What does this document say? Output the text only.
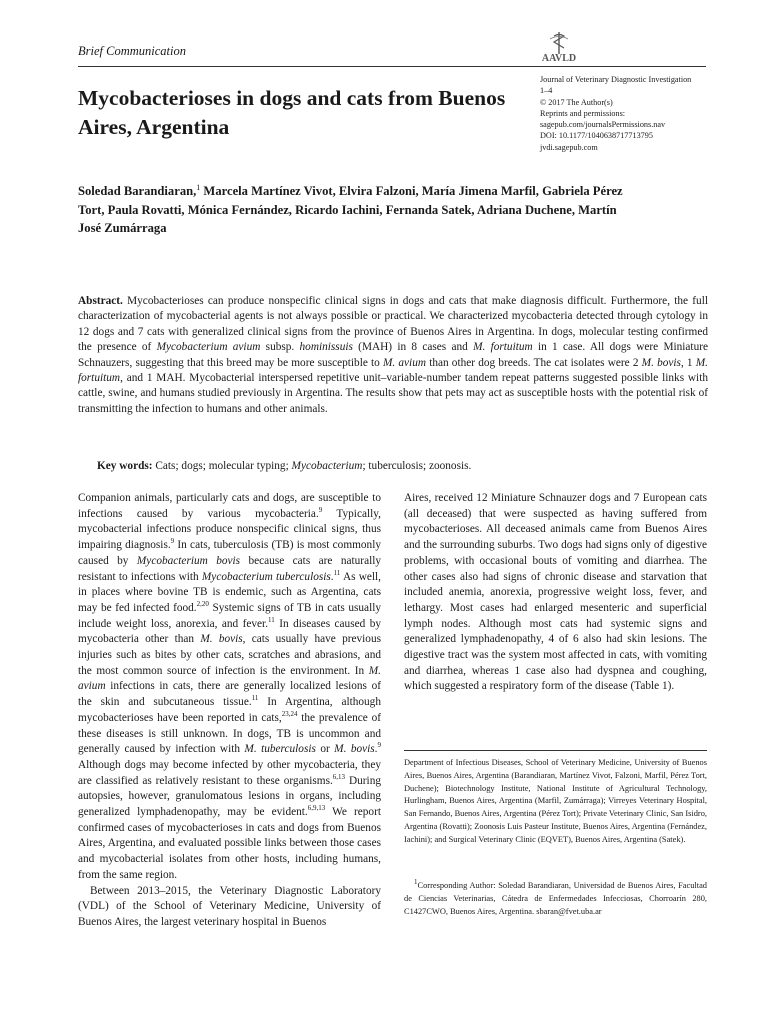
Brief Communication
AAVLD
Mycobacterioses in dogs and cats from Buenos Aires, Argentina
Journal of Veterinary Diagnostic Investigation
1–4
© 2017 The Author(s)
Reprints and permissions:
sagepub.com/journalsPermissions.nav
DOI: 10.1177/1040638717713795
jvdi.sagepub.com
Soledad Barandiaran,$^1$ Marcela Martínez Vivot, Elvira Falzoni, María Jimena Marfil, Gabriela Pérez Tort, Paula Rovatti, Mónica Fernández, Ricardo Iachini, Fernanda Satek, Adriana Duchene, Martín José Zumárraga
Abstract. Mycobacterioses can produce nonspecific clinical signs in dogs and cats that make diagnosis difficult. Furthermore, the full characterization of mycobacterial agents is not always possible or practical. We characterized mycobacteria detected through cytology in 12 dogs and 7 cats with generalized clinical signs from the province of Buenos Aires in Argentina. In dogs, molecular testing confirmed the presence of Mycobacterium avium subsp. hominissuis (MAH) in 8 cases and M. fortuitum in 1 case. All dogs were Miniature Schnauzers, suggesting that this breed may be more susceptible to M. avium than other dog breeds. The cat isolates were 2 M. bovis, 1 M. fortuitum, and 1 MAH. Mycobacterial interspersed repetitive unit–variable-number tandem repeat patterns suggested possible links with cattle, swine, and humans studied previously in Argentina. The results show that pets may act as susceptible hosts with the potential risk of transmitting the infection to humans and other animals.
Key words: Cats; dogs; molecular typing; Mycobacterium; tuberculosis; zoonosis.

Companion animals, particularly cats and dogs, are susceptible to infections caused by various mycobacteria.$^9$ Typically, mycobacterial infections produce nonspecific clinical signs, thus impairing diagnosis.$^9$ In cats, tuberculosis (TB) is most commonly caused by Mycobacterium bovis because cats are naturally resistant to infections with Mycobacterium tuberculosis.$^{11}$ As well, in places where bovine TB is endemic, such as Argentina, cats may be fed infected food.$^{2,20}$ Systemic signs of TB in cats usually include weight loss, anorexia, and fever.$^{11}$ In diseases caused by mycobacteria other than M. bovis, cats usually have previous injuries such as bites by other cats, scratches and abrasions, and the most common source of infection is the environment. In M. avium infections in cats, there are generally localized lesions of the skin and subcutaneous tissue.$^{11}$ In Argentina, although mycobacterioses have been reported in cats,$^{23,24}$ the prevalence of these diseases is still unknown. In dogs, TB is uncommon and generally caused by infection with M. tuberculosis or M. bovis.$^9$ Although dogs may become infected by other mycobacteria, they are classified as relatively resistant to these organisms.$^{6,13}$ During autopsies, however, granulomatous lesions in organs, including generalized lymphadenopathy, may be evident.$^{6,9,13}$ We report confirmed cases of mycobacterioses in cats and dogs from Buenos Aires, Argentina, and evaluated possible links between those cases and mycobacterial isolates from other hosts, including humans, from the same region.

Between 2013–2015, the Veterinary Diagnostic Laboratory (VDL) of the School of Veterinary Medicine, University of Buenos Aires, the largest veterinary hospital in Buenos

Aires, received 12 Miniature Schnauzer dogs and 7 European cats (all deceased) that were suspected as having suffered from mycobacterioses. All deceased animals came from Buenos Aires and the surrounding suburbs. Two dogs had signs only of digestive problems, with occasional bouts of vomiting and diarrhea. The other cases also had signs of chronic disease and starvation that included anemia, anorexia, progressive weight loss, fever, and lethargy. Most cases had enlarged mesenteric and superficial lymph nodes. Although most cats had systemic signs and generalized lymphadenopathy, 4 of 6 also had skin lesions. The digestive tract was the system most affected in cats, with vomiting and diarrhea, whereas 1 case also had dyspnea and coughing, which suggested a respiratory form of the disease (Table 1).

Department of Infectious Diseases, School of Veterinary Medicine, University of Buenos Aires, Buenos Aires, Argentina (Barandiaran, Martínez Vivot, Falzoni, Marfil, Pérez Tort, Duchene); Biotechnology Institute, National Institute of Agricultural Technology, Hurlingham, Buenos Aires, Argentina (Marfil, Zumárraga); Virreyes Veterinary Hospital, San Fernando, Buenos Aires, Argentina (Pérez Tort); Private Veterinary Clinic, San Isidro, Argentina (Rovatti); Zoonosis Luis Pasteur Institute, Buenos Aires, Argentina (Fernández, Iachini); and Surgical Veterinary Clinic (EQVET), Buenos Aires, Argentina (Satek).
$^1$Corresponding Author: Soledad Barandiaran, Universidad de Buenos Aires, Facultad de Ciencias Veterinarias, Cátedra de Enfermedades Infecciosas, Chorroarín 280, C1427CWO, Buenos Aires, Argentina. sbaran@fvet.uba.ar
